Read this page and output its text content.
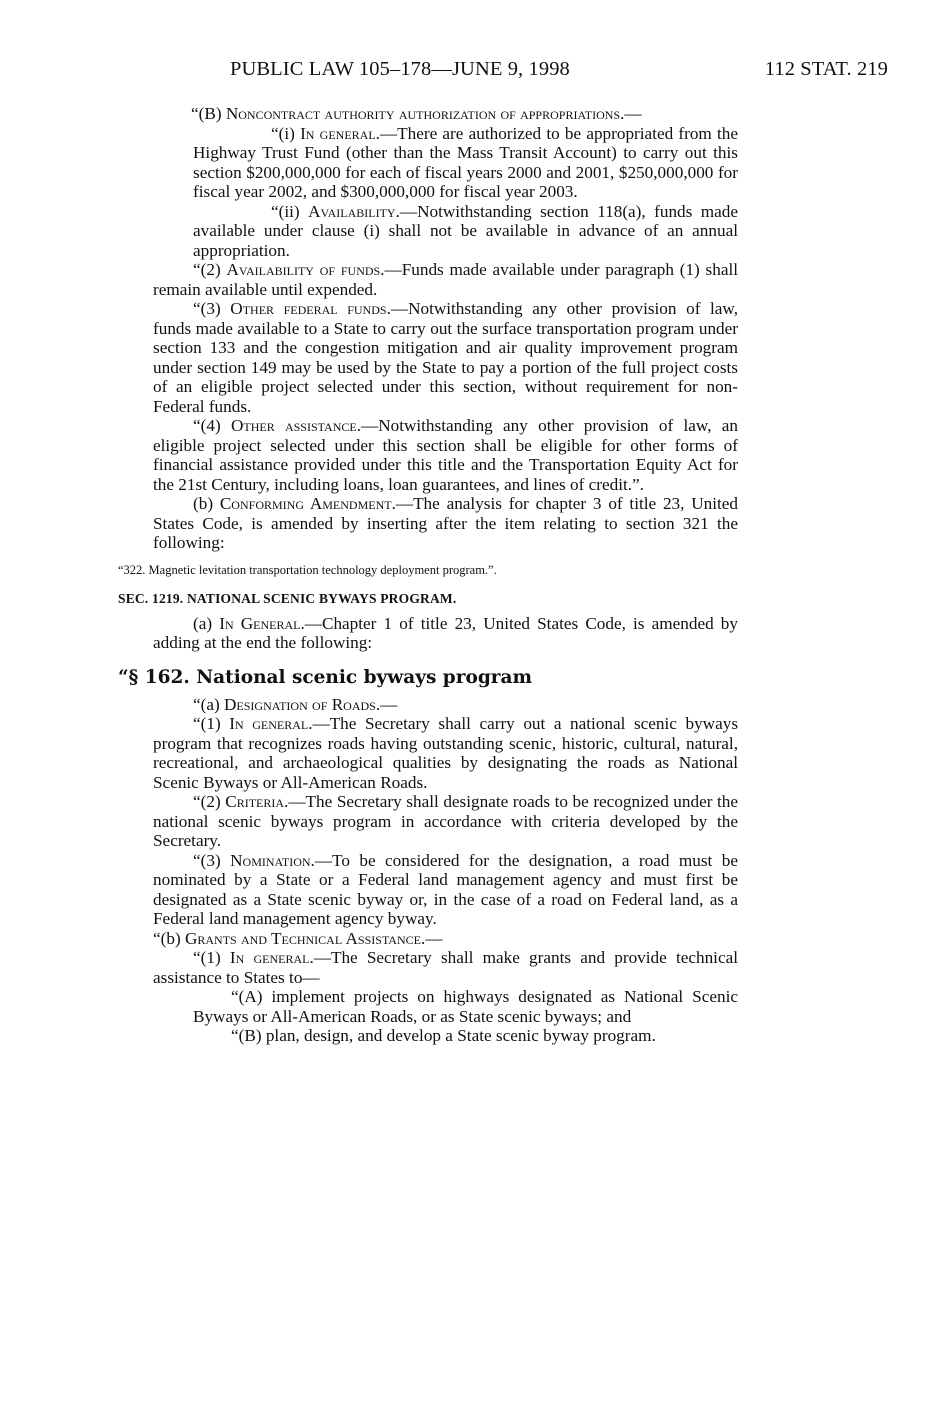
PUBLIC LAW 105–178—JUNE 9, 1998	112 STAT. 219

“(B) Noncontract authority authorization of appropriations.—

“(i) In general.—There are authorized to be appropriated from the Highway Trust Fund (other than the Mass Transit Account) to carry out this section $200,000,000 for each of fiscal years 2000 and 2001, $250,000,000 for fiscal year 2002, and $300,000,000 for fiscal year 2003.

“(ii) Availability.—Notwithstanding section 118(a), funds made available under clause (i) shall not be available in advance of an annual appropriation.

“(2) Availability of funds.—Funds made available under paragraph (1) shall remain available until expended.

“(3) Other federal funds.—Notwithstanding any other provision of law, funds made available to a State to carry out the surface transportation program under section 133 and the congestion mitigation and air quality improvement program under section 149 may be used by the State to pay a portion of the full project costs of an eligible project selected under this section, without requirement for non-Federal funds.

“(4) Other assistance.—Notwithstanding any other provision of law, an eligible project selected under this section shall be eligible for other forms of financial assistance provided under this title and the Transportation Equity Act for the 21st Century, including loans, loan guarantees, and lines of credit.”.

(b) Conforming Amendment.—The analysis for chapter 3 of title 23, United States Code, is amended by inserting after the item relating to section 321 the following:

“322. Magnetic levitation transportation technology deployment program.”.

SEC. 1219. NATIONAL SCENIC BYWAYS PROGRAM.

(a) In General.—Chapter 1 of title 23, United States Code, is amended by adding at the end the following:

“§ 162. National scenic byways program

“(a) Designation of Roads.—

“(1) In general.—The Secretary shall carry out a national scenic byways program that recognizes roads having outstanding scenic, historic, cultural, natural, recreational, and archaeological qualities by designating the roads as National Scenic Byways or All-American Roads.

“(2) Criteria.—The Secretary shall designate roads to be recognized under the national scenic byways program in accordance with criteria developed by the Secretary.

“(3) Nomination.—To be considered for the designation, a road must be nominated by a State or a Federal land management agency and must first be designated as a State scenic byway or, in the case of a road on Federal land, as a Federal land management agency byway.

“(b) Grants and Technical Assistance.—

“(1) In general.—The Secretary shall make grants and provide technical assistance to States to—

“(A) implement projects on highways designated as National Scenic Byways or All-American Roads, or as State scenic byways; and

“(B) plan, design, and develop a State scenic byway program.
